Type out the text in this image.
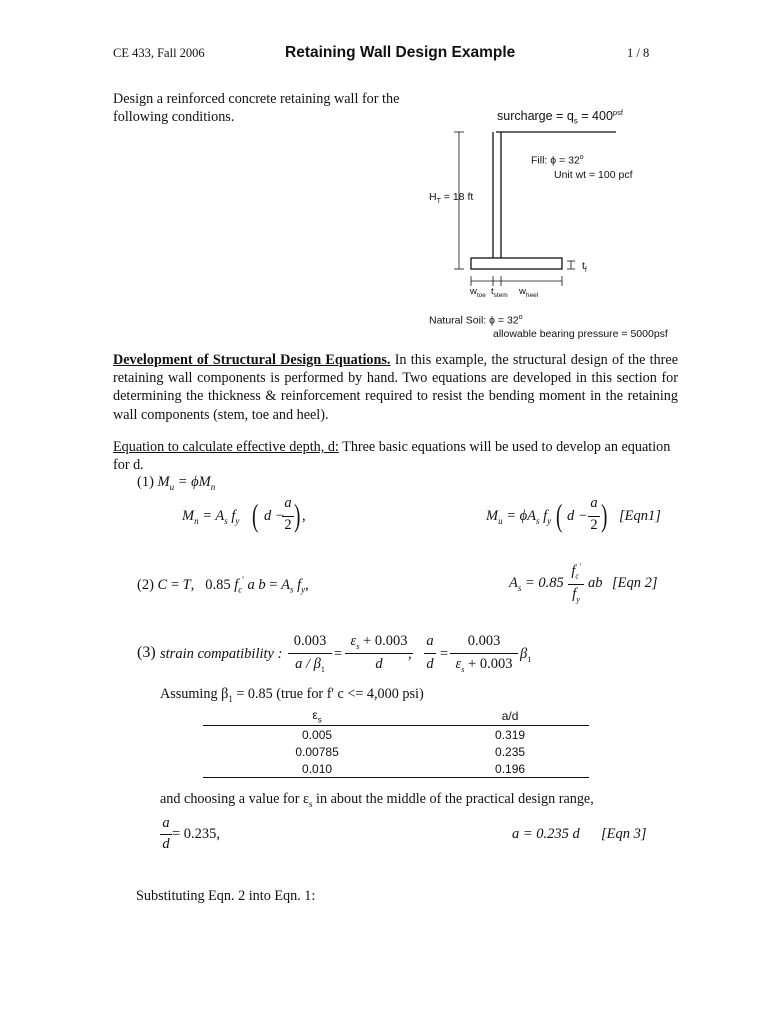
CE 433, Fall 2006	Retaining Wall Design Example	1 / 8
Design a reinforced concrete retaining wall for the following conditions.	surcharge = $q_s = 400^{psf}$
Fill: $\phi = 32^o$
Unit wt = 100 pcf
$H_T = 18$ ft
$t_f$
$w_{toe}$ $t_{stem}$ $w_{heel}$
Natural Soil: $\phi = 32^o$
allowable bearing pressure = 5000psf
Development of Structural Design Equations. In this example, the structural design of the three retaining wall components is performed by hand. Two equations are developed in this section for determining the thickness & reinforcement required to resist the bending moment in the retaining wall components (stem, toe and heel).
Equation to calculate effective depth, d: Three basic equations will be used to develop an equation for d.
(1) $M_u = \phi M_n$
$M_n = A_s$ $f_y$ ( d −
a
2 ) ,	$M_u = \phi A_s$ $f_y$ ( d −
a
2 ) [Eqn1]
(2) C = T,   0.85 $f_c'$ a $b = A_s$ $f_y$,	$A_s = 0.85$
$f_c'$
$f_y$
ab [Eqn 2]
(3) strain compatibility :
0.003
a / $\beta_1$
=
$\varepsilon_s + 0.003$
d
,
a
d
=
0.003
$\varepsilon_s + 0.003$
$\beta_1$
Assuming $\beta_1 = 0.85$ (true for f' c <= 4,000 psi)
$\varepsilon_s$	a/d
0.005	0.319
0.00785	0.235
0.010	0.196
and choosing a value for $\varepsilon_s$ in about the middle of the practical design range,
a
d
= 0.235,	a = 0.235 d [Eqn 3]
Substituting Eqn. 2 into Eqn. 1:
